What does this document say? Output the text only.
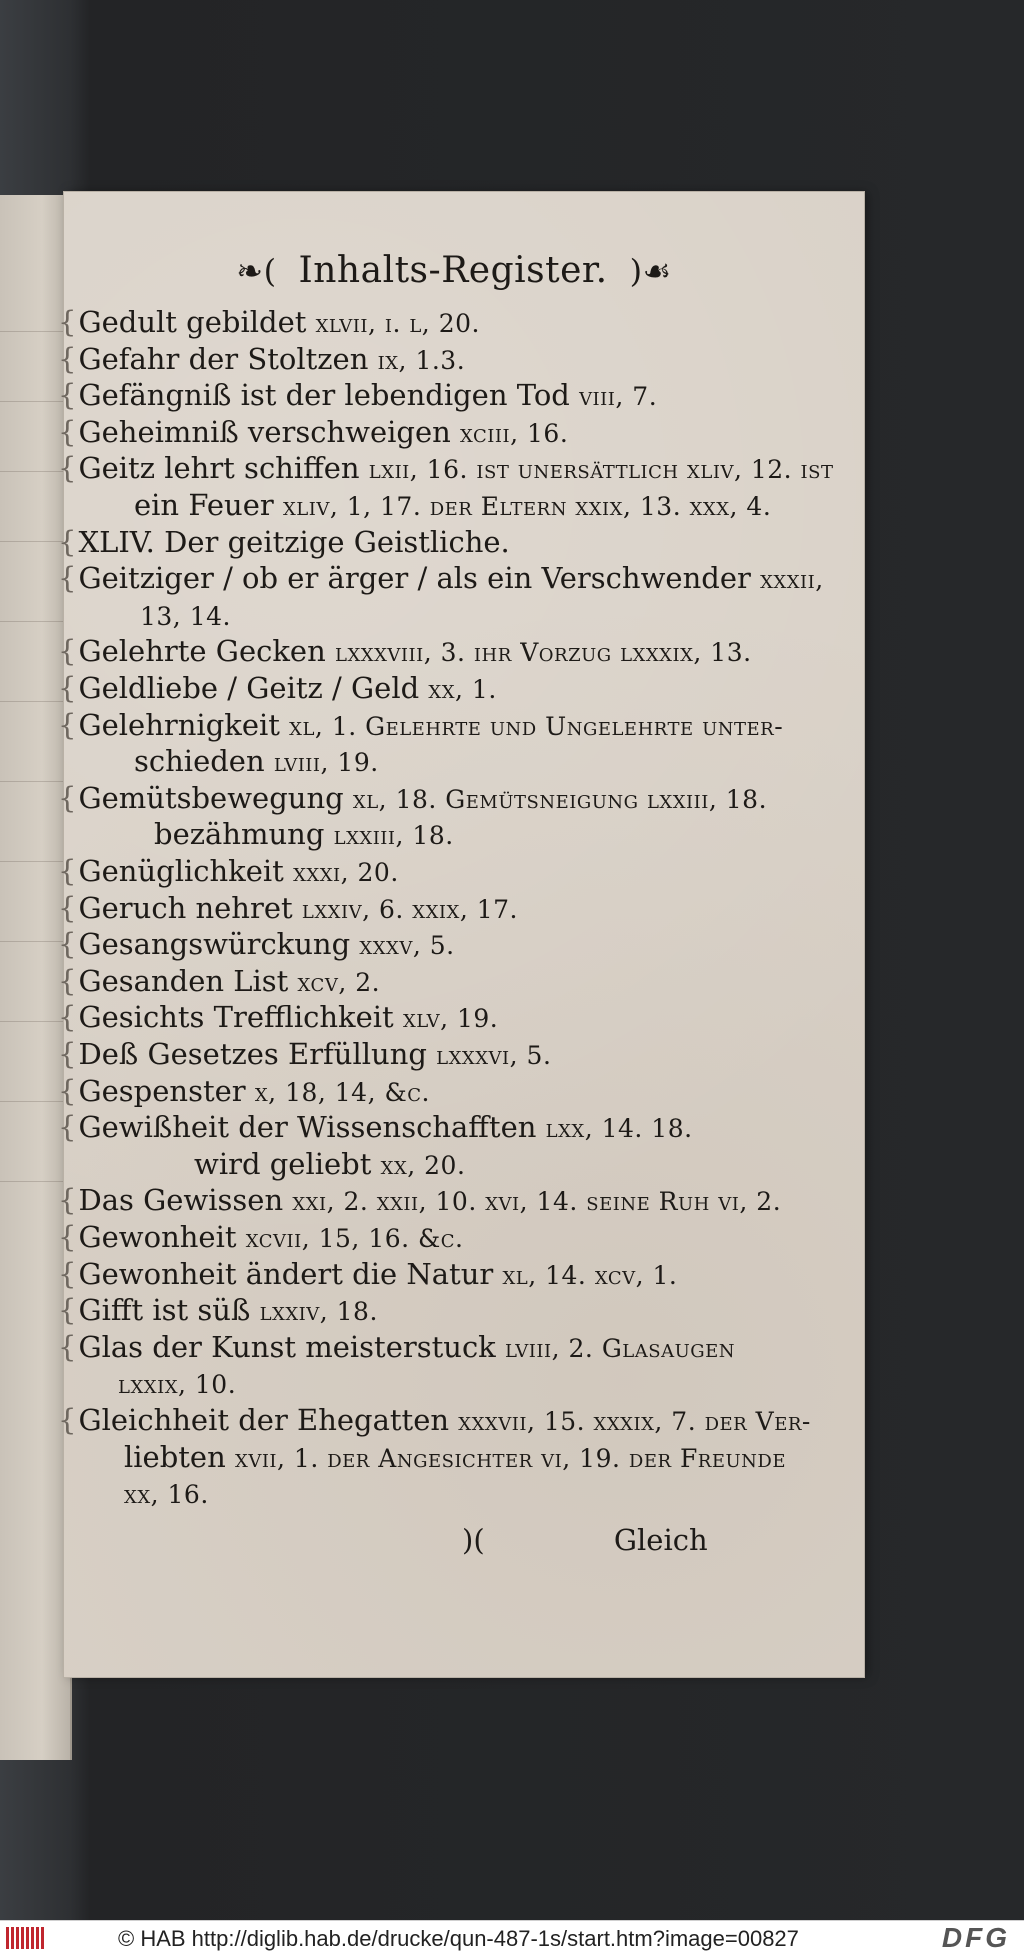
❧( Inhalts-Register. )☙
{Gedult gebildet xlvii, i. l, 20.
{Gefahr der Stoltzen ix, 1.3.
{Gefängniß ist der lebendigen Tod viii, 7.
{Geheimniß verschweigen xciii, 16.
{Geitz lehrt schiffen lxii, 16. ist unersättlich xliv, 12. ist
ein Feuer xliv, 1, 17. der Eltern xxix, 13. xxx, 4.
{XLIV. Der geitzige Geistliche.
{Geitziger / ob er ärger / als ein Verschwender xxxii,
13, 14.
{Gelehrte Gecken lxxxviii, 3. ihr Vorzug lxxxix, 13.
{Geldliebe / Geitz / Geld xx, 1.
{Gelehrnigkeit xl, 1. Gelehrte und Ungelehrte unter-
schieden lviii, 19.
{Gemütsbewegung xl, 18. Gemütsneigung lxxiii, 18.
bezähmung lxxiii, 18.
{Genüglichkeit xxxi, 20.
{Geruch nehret lxxiv, 6. xxix, 17.
{Gesangswürckung xxxv, 5.
{Gesanden List xcv, 2.
{Gesichts Trefflichkeit xlv, 19.
{Deß Gesetzes Erfüllung lxxxvi, 5.
{Gespenster x, 18, 14, &c.
{Gewißheit der Wissenschafften lxx, 14. 18.
wird geliebt xx, 20.
{Das Gewissen xxi, 2. xxii, 10. xvi, 14. seine Ruh vi, 2.
{Gewonheit xcvii, 15, 16. &c.
{Gewonheit ändert die Natur xl, 14. xcv, 1.
{Gifft ist süß lxxiv, 18.
{Glas der Kunst meisterstuck lviii, 2. Glasaugen
lxxix, 10.
{Gleichheit der Ehegatten xxxvii, 15. xxxix, 7. der Ver-
liebten xvii, 1. der Angesichter vi, 19. der Freunde
xx, 16.
)(	Gleich
© HAB http://diglib.hab.de/drucke/qun-487-1s/start.htm?image=00827	DFG
